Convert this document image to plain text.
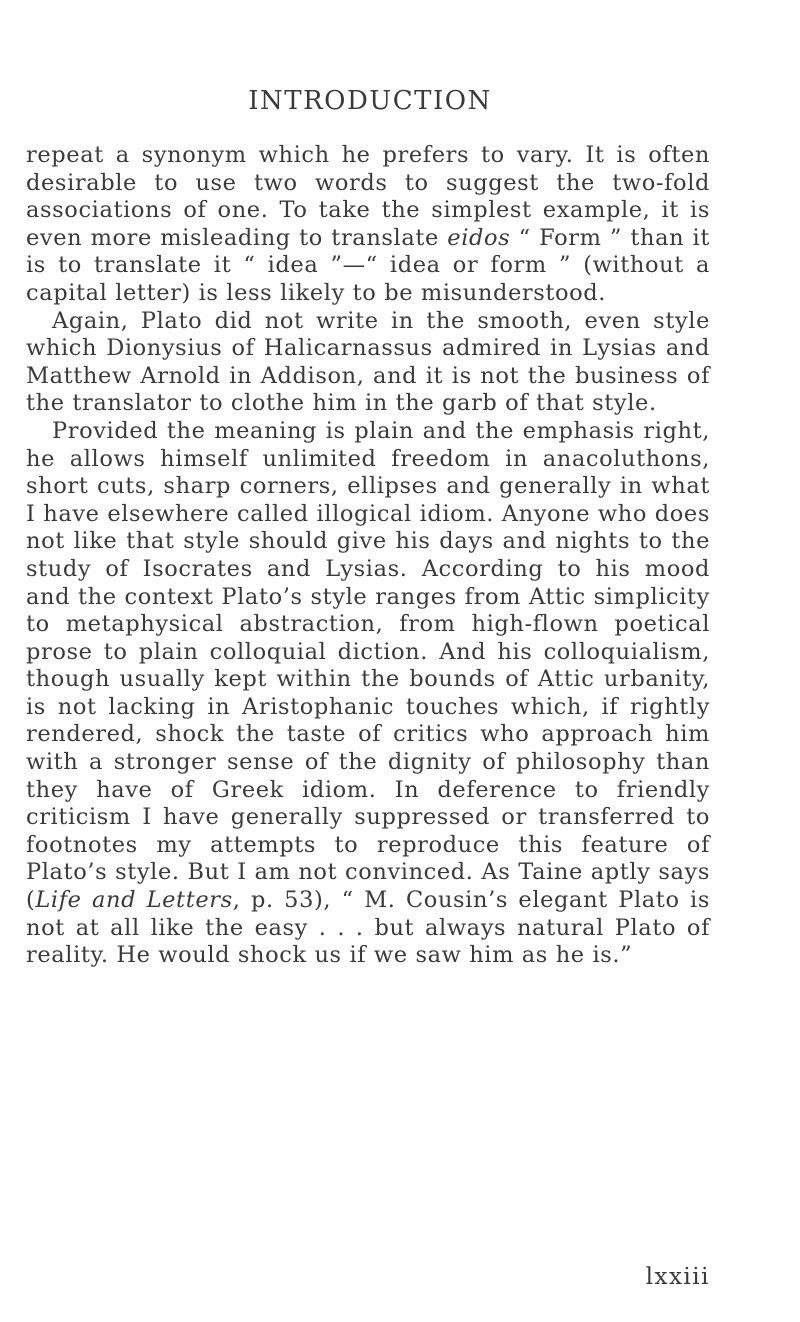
INTRODUCTION

repeat a synonym which he prefers to vary. It is often desirable to use two words to suggest the two-fold associations of one. To take the simplest example, it is even more misleading to translate eidos “ Form ” than it is to translate it “ idea ”—“ idea or form ” (without a capital letter) is less likely to be misunderstood.

Again, Plato did not write in the smooth, even style which Dionysius of Halicarnassus admired in Lysias and Matthew Arnold in Addison, and it is not the business of the translator to clothe him in the garb of that style.

Provided the meaning is plain and the emphasis right, he allows himself unlimited freedom in anacoluthons, short cuts, sharp corners, ellipses and generally in what I have elsewhere called illogical idiom. Anyone who does not like that style should give his days and nights to the study of Isocrates and Lysias. According to his mood and the context Plato’s style ranges from Attic simplicity to metaphysical abstraction, from high-flown poetical prose to plain colloquial diction. And his colloquialism, though usually kept within the bounds of Attic urbanity, is not lacking in Aristophanic touches which, if rightly rendered, shock the taste of critics who approach him with a stronger sense of the dignity of philosophy than they have of Greek idiom. In deference to friendly criticism I have generally suppressed or transferred to footnotes my attempts to reproduce this feature of Plato’s style. But I am not convinced. As Taine aptly says (Life and Letters, p. 53), “ M. Cousin’s elegant Plato is not at all like the easy . . . but always natural Plato of reality. He would shock us if we saw him as he is.”

lxxiii
